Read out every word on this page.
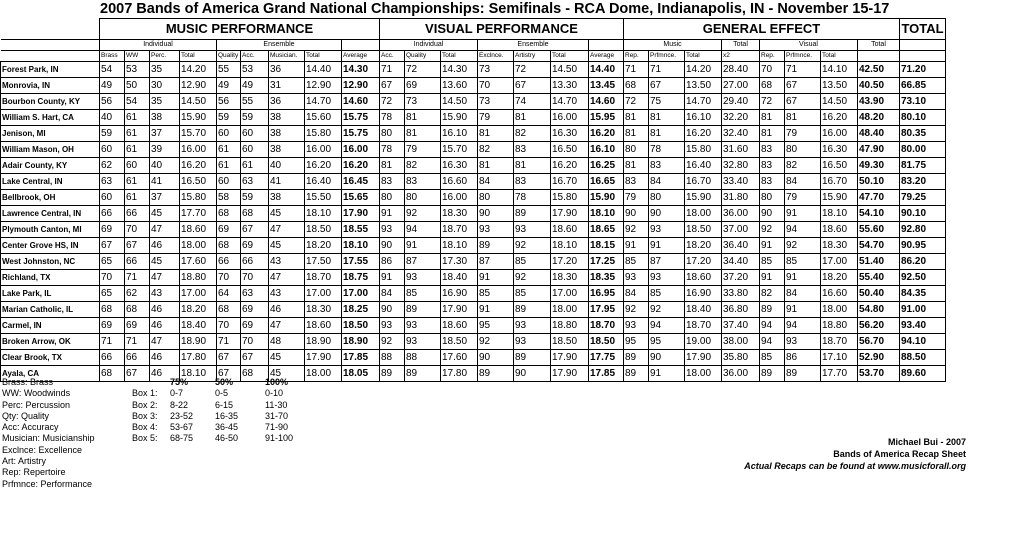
2007 Bands of America Grand National Championships: Semifinals - RCA Dome, Indianapolis, IN - November 15-17
	MUSIC PERFORMANCE									VISUAL PERFORMANCE							GENERAL EFFECT								TOTAL
	Individual				Ensemble					Individual			Ensemble				Music			Total	Visual			Total	
	Brass	WW	Perc.	Total	Quality	Acc.	Musician.	Total	Average	Acc.	Quality	Total	Exclnce.	Artistry	Total	Average	Rep.	Prfmnce.	Total	x2	Rep.	Prfmnce.	Total		
Forest Park, IN	54	53	35	14.20	55	53	36	14.40	14.30	71	72	14.30	73	72	14.50	14.40	71	71	14.20	28.40	70	71	14.10	42.50	71.20
Monrovia, IN	49	50	30	12.90	49	49	31	12.90	12.90	67	69	13.60	70	67	13.30	13.45	68	67	13.50	27.00	68	67	13.50	40.50	66.85
Bourbon County, KY	56	54	35	14.50	56	55	36	14.70	14.60	72	73	14.50	73	74	14.70	14.60	72	75	14.70	29.40	72	67	14.50	43.90	73.10
William S. Hart, CA	40	61	38	15.90	59	59	38	15.60	15.75	78	81	15.90	79	81	16.00	15.95	81	81	16.10	32.20	81	81	16.20	48.20	80.10
Jenison, MI	59	61	37	15.70	60	60	38	15.80	15.75	80	81	16.10	81	82	16.30	16.20	81	81	16.20	32.40	81	79	16.00	48.40	80.35
William Mason, OH	60	61	39	16.00	61	60	38	16.00	16.00	78	79	15.70	82	83	16.50	16.10	80	78	15.80	31.60	83	80	16.30	47.90	80.00
Adair County, KY	62	60	40	16.20	61	61	40	16.20	16.20	81	82	16.30	81	81	16.20	16.25	81	83	16.40	32.80	83	82	16.50	49.30	81.75
Lake Central, IN	63	61	41	16.50	60	63	41	16.40	16.45	83	83	16.60	84	83	16.70	16.65	83	84	16.70	33.40	83	84	16.70	50.10	83.20
Bellbrook, OH	60	61	37	15.80	58	59	38	15.50	15.65	80	80	16.00	80	78	15.80	15.90	79	80	15.90	31.80	80	79	15.90	47.70	79.25
Lawrence Central, IN	66	66	45	17.70	68	68	45	18.10	17.90	91	92	18.30	90	89	17.90	18.10	90	90	18.00	36.00	90	91	18.10	54.10	90.10
Plymouth Canton, MI	69	70	47	18.60	69	67	47	18.50	18.55	93	94	18.70	93	93	18.60	18.65	92	93	18.50	37.00	92	94	18.60	55.60	92.80
Center Grove HS, IN	67	67	46	18.00	68	69	45	18.20	18.10	90	91	18.10	89	92	18.10	18.15	91	91	18.20	36.40	91	92	18.30	54.70	90.95
West Johnston, NC	65	66	45	17.60	66	66	43	17.50	17.55	86	87	17.30	87	85	17.20	17.25	85	87	17.20	34.40	85	85	17.00	51.40	86.20
Richland, TX	70	71	47	18.80	70	70	47	18.70	18.75	91	93	18.40	91	92	18.30	18.35	93	93	18.60	37.20	91	91	18.20	55.40	92.50
Lake Park, IL	65	62	43	17.00	64	63	43	17.00	17.00	84	85	16.90	85	85	17.00	16.95	84	85	16.90	33.80	82	84	16.60	50.40	84.35
Marian Catholic, IL	68	68	46	18.20	68	69	46	18.30	18.25	90	89	17.90	91	89	18.00	17.95	92	92	18.40	36.80	89	91	18.00	54.80	91.00
Carmel, IN	69	69	46	18.40	70	69	47	18.60	18.50	93	93	18.60	95	93	18.80	18.70	93	94	18.70	37.40	94	94	18.80	56.20	93.40
Broken Arrow, OK	71	71	47	18.90	71	70	48	18.90	18.90	92	93	18.50	92	93	18.50	18.50	95	95	19.00	38.00	94	93	18.70	56.70	94.10
Clear Brook, TX	66	66	46	17.80	67	67	45	17.90	17.85	88	88	17.60	90	89	17.90	17.75	89	90	17.90	35.80	85	86	17.10	52.90	88.50
Ayala, CA	68	67	46	18.10	67	68	45	18.00	18.05	89	89	17.80	89	90	17.90	17.85	89	91	18.00	36.00	89	89	17.70	53.70	89.60
Brass: Brass
WW: Woodwinds
Perc: Percussion
Qty: Quality
Acc: Accuracy
Musician: Musicianship
Exclnce: Excellence
Art: Artistry
Rep: Repertoire
Prfmnce: Performance
75%	50%	100%
Box 1:	0-7	0-5	0-10
Box 2:	8-22	6-15	11-30
Box 3:	23-52	16-35	31-70
Box 4:	53-67	36-45	71-90
Box 5:	68-75	46-50	91-100	Michael Bui - 2007
Bands of America Recap Sheet
Actual Recaps can be found at www.musicforall.org
